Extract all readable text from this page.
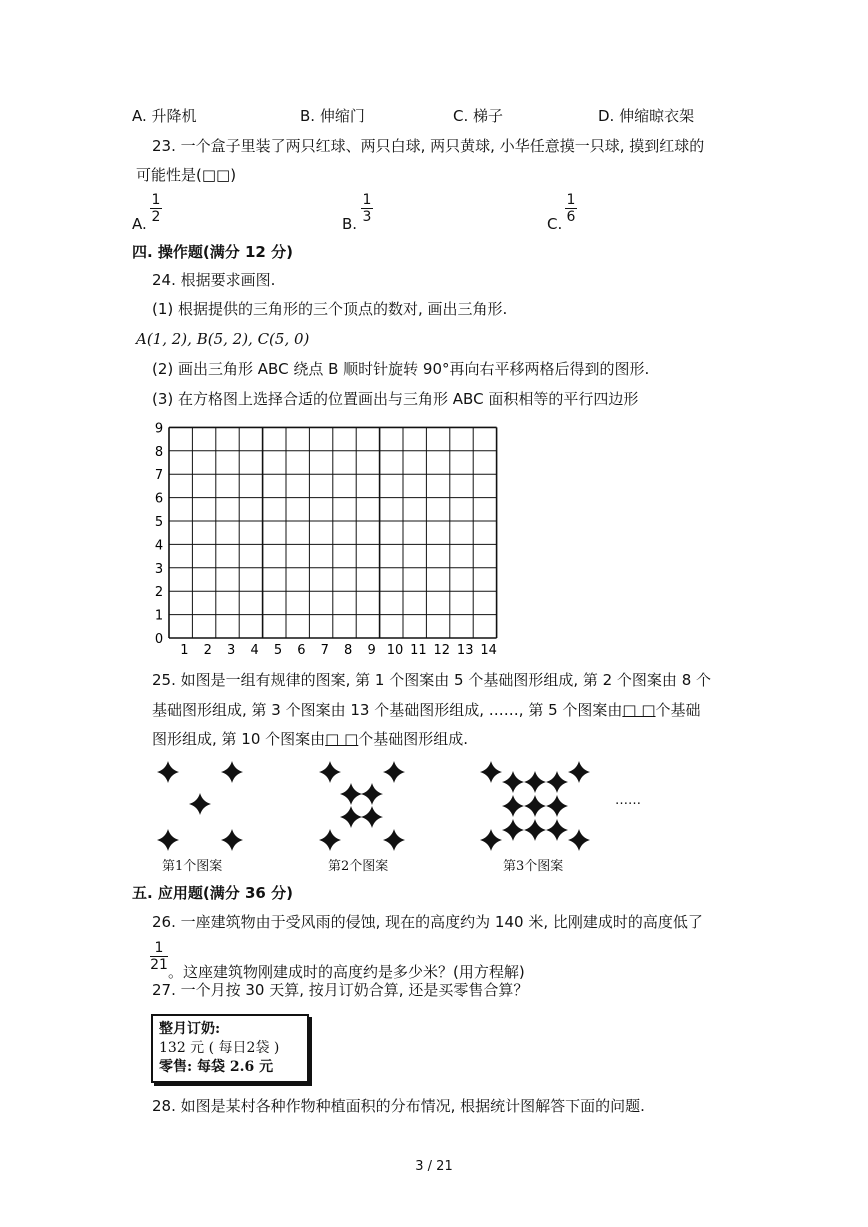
A. 升降机	B. 伸缩门	C. 梯子	D. 伸缩晾衣架
23. 一个盒子里装了两只红球、两只白球, 两只黄球, 小华任意摸一只球, 摸到红球的
可能性是(□□)
A.
1
2	B.
1
3	C.
1
6
四. 操作题(满分 12 分)
24. 根据要求画图.
(1) 根据提供的三角形的三个顶点的数对, 画出三角形.
A(1, 2), B(5, 2), C(5, 0)
(2) 画出三角形 ABC 绕点 B 顺时针旋转 90°再向右平移两格后得到的图形.
(3) 在方格图上选择合适的位置画出与三角形 ABC 面积相等的平行四边形
1 2 3 4 5 6 7 8 9 10 11 12 13 14
0
1
2
3
4
5
6
7
8
9
25. 如图是一组有规律的图案, 第 1 个图案由 5 个基础图形组成, 第 2 个图案由 8 个
基础图形组成, 第 3 个图案由 13 个基础图形组成, ……, 第 5 个图案由□ □个基础
图形组成, 第 10 个图案由□ □个基础图形组成.
第1个图案	第2个图案	第3个图案
……
五. 应用题(满分 36 分)
26. 一座建筑物由于受风雨的侵蚀, 现在的高度约为 140 米, 比刚建成时的高度低了
1
21 。这座建筑物刚建成时的高度约是多少米？(用方程解)
27. 一个月按 30 天算, 按月订奶合算, 还是买零售合算？
整月订奶:
132 元 ( 每日2袋 )
零售: 每袋 2.6 元
28. 如图是某村各种作物种植面积的分布情况, 根据统计图解答下面的问题.
3 / 21
